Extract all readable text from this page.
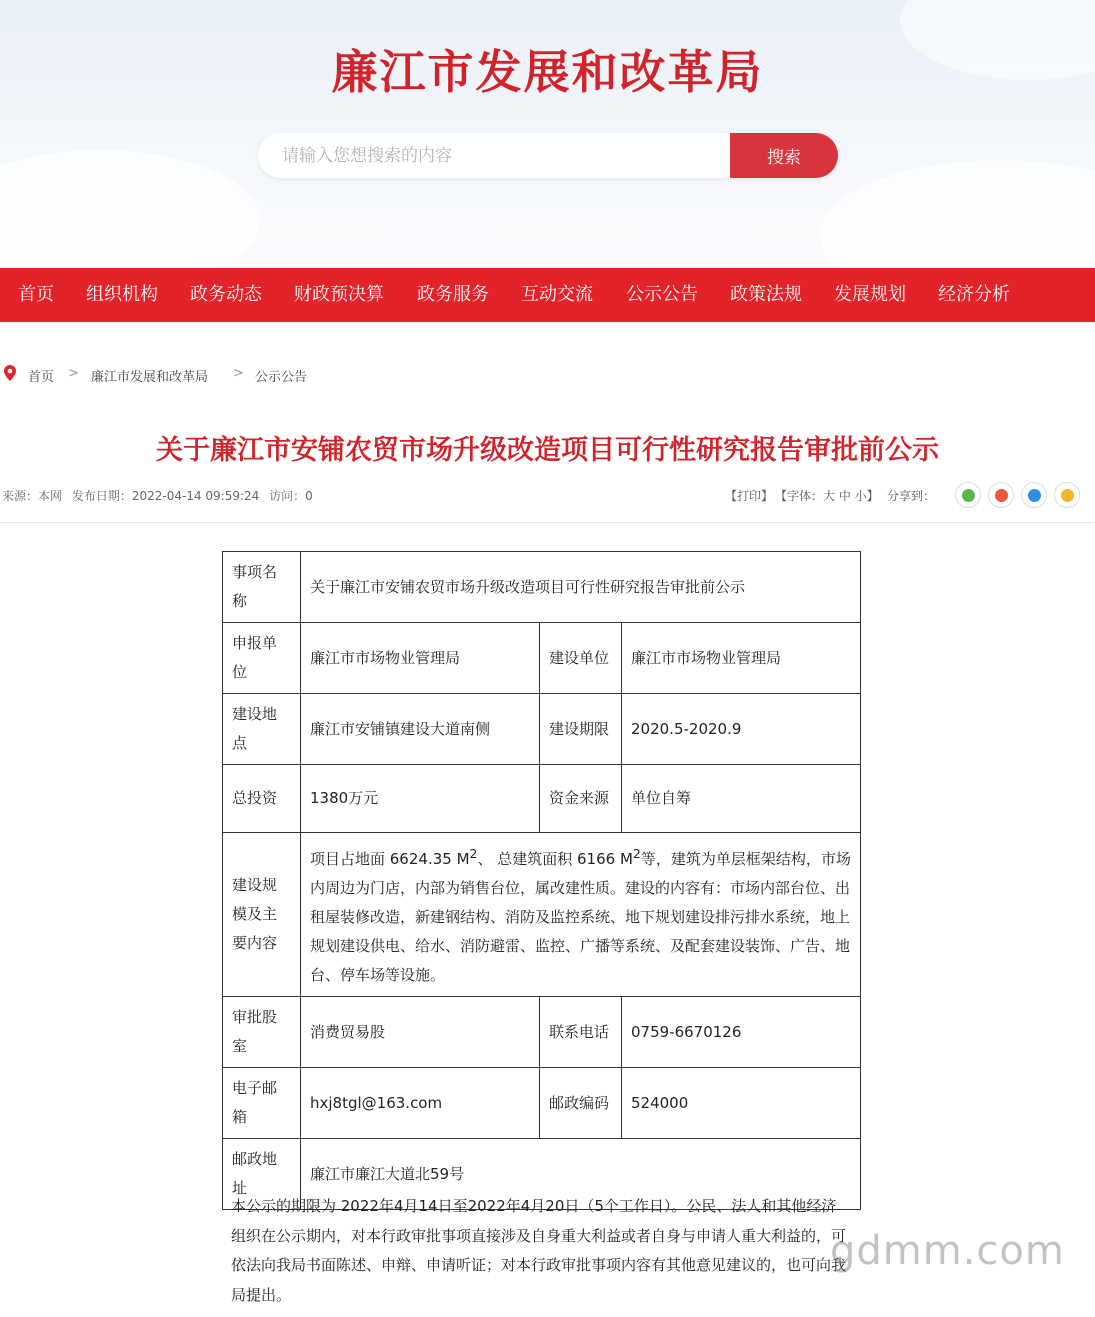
廉江市发展和改革局
请输入您想搜索的内容
搜索
首页 组织机构 政务动态 财政预决算 政务服务 互动交流 公示公告 政策法规 发展规划 经济分析
首页 > 廉江市发展和改革局 > 公示公告
关于廉江市安铺农贸市场升级改造项目可行性研究报告审批前公示
来源：本网 发布日期：2022-04-14 09:59:24 访问：0	【打印】 【字体：大 中 小】 分享到：
事项名称	关于廉江市安铺农贸市场升级改造项目可行性研究报告审批前公示		
申报单位	廉江市市场物业管理局	建设单位	廉江市市场物业管理局
建设地点	廉江市安铺镇建设大道南侧	建设期限	2020.5-2020.9
总投资	1380万元	资金来源	单位自筹
建设规模及主要内容	项目占地面 6624.35 $M^2$、 总建筑面积 6166 $M^2$等，建筑为单层框架结构，市场内周边为门店，内部为销售台位，属改建性质。建设的内容有：市场内部台位、出租屋装修改造，新建钢结构、消防及监控系统、地下规划建设排污排水系统，地上规划建设供电、给水、消防避雷、监控、广播等系统、及配套建设装饰、广告、地台、停车场等设施。		
审批股室	消费贸易股	联系电话	0759-6670126
电子邮箱	hxj8tgl@163.com	邮政编码	524000
邮政地址	廉江市廉江大道北59号		
本公示的期限为 2022年4月14日至2022年4月20日（5个工作日）。公民、法人和其他经济组织在公示期内，对本行政审批事项直接涉及自身重大利益或者自身与申请人重大利益的，可依法向我局书面陈述、申辩、申请听证；对本行政审批事项内容有其他意见建议的，也可向我局提出。
gdmm.com
